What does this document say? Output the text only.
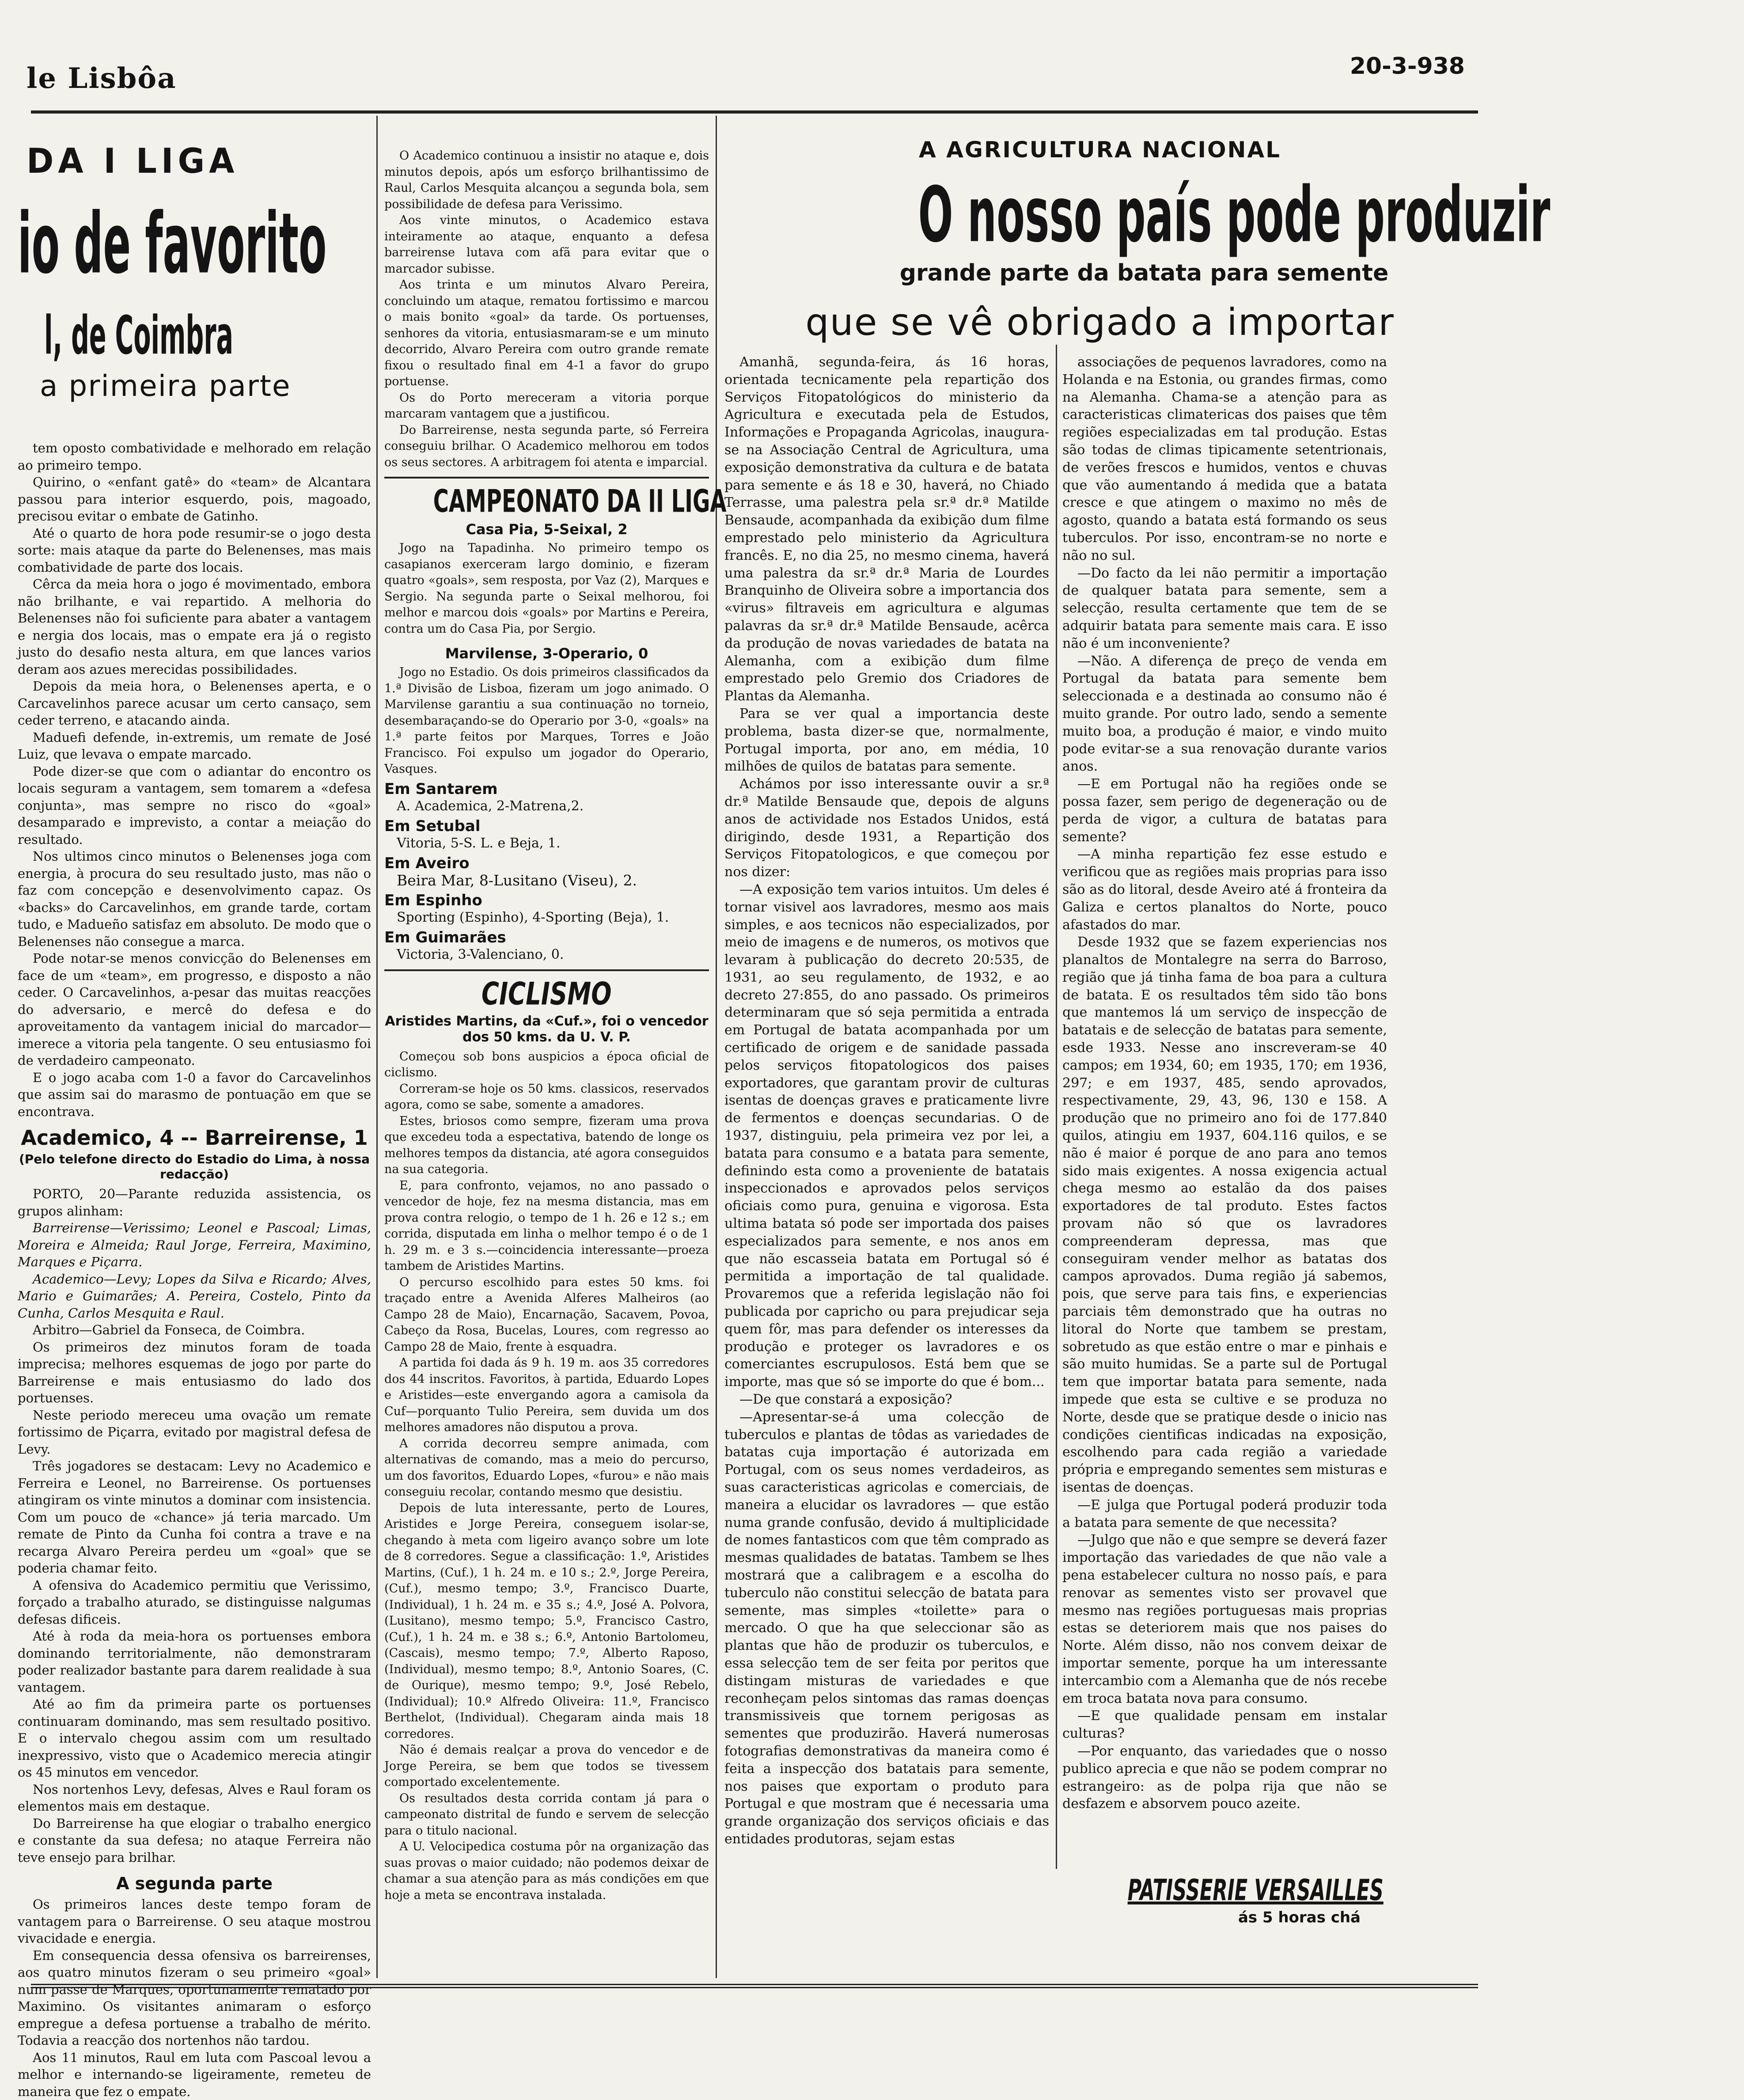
le Lisbôa	20-3-938
DA I LIGA
io de favorito
l, de Coimbra
a primeira parte

tem oposto combatividade e melhorado em relação ao primeiro tempo.

Quirino, o «enfant gatê» do «team» de Alcantara passou para interior esquerdo, pois, magoado, precisou evitar o embate de Gatinho.

Até o quarto de hora pode resumir-se o jogo desta sorte: mais ataque da parte do Belenenses, mas mais combatividade de parte dos locais.

Cêrca da meia hora o jogo é movimentado, embora não brilhante, e vai repartido. A melhoria do Belenenses não foi suficiente para abater a vantagem e nergia dos locais, mas o empate era já o registo justo do desafio nesta altura, em que lances varios deram aos azues merecidas possibilidades.

Depois da meia hora, o Belenenses aperta, e o Carcavelinhos parece acusar um certo cansaço, sem ceder terreno, e atacando ainda.

Maduefi defende, in-extremis, um remate de José Luiz, que levava o empate marcado.

Pode dizer-se que com o adiantar do encontro os locais seguram a vantagem, sem tomarem a «defesa conjunta», mas sempre no risco do «goal» desamparado e imprevisto, a contar a meiação do resultado.

Nos ultimos cinco minutos o Belenenses joga com energia, à procura do seu resultado justo, mas não o faz com concepção e desenvolvimento capaz. Os «backs» do Carcavelinhos, em grande tarde, cortam tudo, e Madueño satisfaz em absoluto. De modo que o Belenenses não consegue a marca.

Pode notar-se menos convicção do Belenenses em face de um «team», em progresso, e disposto a não ceder. O Carcavelinhos, a-pesar das muitas reacções do adversario, e mercê do defesa e do aproveitamento da vantagem inicial do marcador—imerece a vitoria pela tangente. O seu entusiasmo foi de verdadeiro campeonato.

E o jogo acaba com 1-0 a favor do Carcavelinhos que assim sai do marasmo de pontuação em que se encontrava.

Academico, 4 -- Barreirense, 1
(Pelo telefone directo do Estadio do Lima, à nossa redacção)

PORTO, 20—Parante reduzida assistencia, os grupos alinham:

Barreirense—Verissimo; Leonel e Pascoal; Limas, Moreira e Almeida; Raul Jorge, Ferreira, Maximino, Marques e Piçarra.

Academico—Levy; Lopes da Silva e Ricardo; Alves, Mario e Guimarães; A. Pereira, Costelo, Pinto da Cunha, Carlos Mesquita e Raul.

Arbitro—Gabriel da Fonseca, de Coimbra.

Os primeiros dez minutos foram de toada imprecisa; melhores esquemas de jogo por parte do Barreirense e mais entusiasmo do lado dos portuenses.

Neste periodo mereceu uma ovação um remate fortissimo de Piçarra, evitado por magistral defesa de Levy.

Três jogadores se destacam: Levy no Academico e Ferreira e Leonel, no Barreirense. Os portuenses atingiram os vinte minutos a dominar com insistencia. Com um pouco de «chance» já teria marcado. Um remate de Pinto da Cunha foi contra a trave e na recarga Alvaro Pereira perdeu um «goal» que se poderia chamar feito.

A ofensiva do Academico permitiu que Verissimo, forçado a trabalho aturado, se distinguisse nalgumas defesas dificeis.

Até à roda da meia-hora os portuenses embora dominando territorialmente, não demonstraram poder realizador bastante para darem realidade à sua vantagem.

Até ao fim da primeira parte os portuenses continuaram dominando, mas sem resultado positivo. E o intervalo chegou assim com um resultado inexpressivo, visto que o Academico merecia atingir os 45 minutos em vencedor.

Nos nortenhos Levy, defesas, Alves e Raul foram os elementos mais em destaque.

Do Barreirense ha que elogiar o trabalho energico e constante da sua defesa; no ataque Ferreira não teve ensejo para brilhar.

A segunda parte

Os primeiros lances deste tempo foram de vantagem para o Barreirense. O seu ataque mostrou vivacidade e energia.

Em consequencia dessa ofensiva os barreirenses, aos quatro minutos fizeram o seu primeiro «goal» num passe de Marques, oportunamente rematado por Maximino. Os visitantes animaram o esforço empregue a defesa portuense a trabalho de mérito. Todavia a reacção dos nortenhos não tardou.

Aos 11 minutos, Raul em luta com Pascoal levou a melhor e internando-se ligeiramente, remeteu de maneira que fez o empate.

O Academico continuou a insistir no ataque e, dois minutos depois, após um esforço brilhantissimo de Raul, Carlos Mesquita alcançou a segunda bola, sem possibilidade de defesa para Verissimo.

Aos vinte minutos, o Academico estava inteiramente ao ataque, enquanto a defesa barreirense lutava com afã para evitar que o marcador subisse.

Aos trinta e um minutos Alvaro Pereira, concluindo um ataque, rematou fortissimo e marcou o mais bonito «goal» da tarde. Os portuenses, senhores da vitoria, entusiasmaram-se e um minuto decorrido, Alvaro Pereira com outro grande remate fixou o resultado final em 4-1 a favor do grupo portuense.

Os do Porto mereceram a vitoria porque marcaram vantagem que a justificou.

Do Barreirense, nesta segunda parte, só Ferreira conseguiu brilhar. O Academico melhorou em todos os seus sectores. A arbitragem foi atenta e imparcial.

CAMPEONATO DA II LIGA
Casa Pia, 5-Seixal, 2

Jogo na Tapadinha. No primeiro tempo os casapianos exerceram largo dominio, e fizeram quatro «goals», sem resposta, por Vaz (2), Marques e Sergio. Na segunda parte o Seixal melhorou, foi melhor e marcou dois «goals» por Martins e Pereira, contra um do Casa Pia, por Sergio.

Marvilense, 3-Operario, 0

Jogo no Estadio. Os dois primeiros classificados da 1.ª Divisão de Lisboa, fizeram um jogo animado. O Marvilense garantiu a sua continuação no torneio, desembaraçando-se do Operario por 3-0, «goals» na 1.ª parte feitos por Marques, Torres e João Francisco. Foi expulso um jogador do Operario, Vasques.

Em Santarem
A. Academica, 2-Matrena,2.
Em Setubal
Vitoria, 5-S. L. e Beja, 1.
Em Aveiro
Beira Mar, 8-Lusitano (Viseu), 2.
Em Espinho
Sporting (Espinho), 4-Sporting (Beja), 1.
Em Guimarães
Victoria, 3-Valenciano, 0.
CICLISMO
Aristides Martins, da «Cuf.», foi o vencedor dos 50 kms. da U. V. P.

Começou sob bons auspicios a época oficial de ciclismo.

Correram-se hoje os 50 kms. classicos, reservados agora, como se sabe, somente a amadores.

Estes, briosos como sempre, fizeram uma prova que excedeu toda a espectativa, batendo de longe os melhores tempos da distancia, até agora conseguidos na sua categoria.

E, para confronto, vejamos, no ano passado o vencedor de hoje, fez na mesma distancia, mas em prova contra relogio, o tempo de 1 h. 26 e 12 s.; em corrida, disputada em linha o melhor tempo é o de 1 h. 29 m. e 3 s.—coincidencia interessante—proeza tambem de Aristides Martins.

O percurso escolhido para estes 50 kms. foi traçado entre a Avenida Alferes Malheiros (ao Campo 28 de Maio), Encarnação, Sacavem, Povoa, Cabeço da Rosa, Bucelas, Loures, com regresso ao Campo 28 de Maio, frente à esquadra.

A partida foi dada ás 9 h. 19 m. aos 35 corredores dos 44 inscritos. Favoritos, à partida, Eduardo Lopes e Aristides—este envergando agora a camisola da Cuf—porquanto Tulio Pereira, sem duvida um dos melhores amadores não disputou a prova.

A corrida decorreu sempre animada, com alternativas de comando, mas a meio do percurso, um dos favoritos, Eduardo Lopes, «furou» e não mais conseguiu recolar, contando mesmo que desistiu.

Depois de luta interessante, perto de Loures, Aristides e Jorge Pereira, conseguem isolar-se, chegando à meta com ligeiro avanço sobre um lote de 8 corredores. Segue a classificação: 1.º, Aristides Martins, (Cuf.), 1 h. 24 m. e 10 s.; 2.º, Jorge Pereira, (Cuf.), mesmo tempo; 3.º, Francisco Duarte, (Individual), 1 h. 24 m. e 35 s.; 4.º, José A. Polvora, (Lusitano), mesmo tempo; 5.º, Francisco Castro, (Cuf.), 1 h. 24 m. e 38 s.; 6.º, Antonio Bartolomeu, (Cascais), mesmo tempo; 7.º, Alberto Raposo, (Individual), mesmo tempo; 8.º, Antonio Soares, (C. de Ourique), mesmo tempo; 9.º, José Rebelo, (Individual); 10.º Alfredo Oliveira: 11.º, Francisco Berthelot, (Individual). Chegaram ainda mais 18 corredores.

Não é demais realçar a prova do vencedor e de Jorge Pereira, se bem que todos se tivessem comportado excelentemente.

Os resultados desta corrida contam já para o campeonato distrital de fundo e servem de selecção para o titulo nacional.

A U. Velocipedica costuma pôr na organização das suas provas o maior cuidado; não podemos deixar de chamar a sua atenção para as más condições em que hoje a meta se encontrava instalada.

A AGRICULTURA NACIONAL
O nosso país pode produzir
grande parte da batata para semente
que se vê obrigado a importar

Amanhã, segunda-feira, ás 16 horas, orientada tecnicamente pela repartição dos Serviços Fitopatológicos do ministerio da Agricultura e executada pela de Estudos, Informações e Propaganda Agricolas, inaugura-se na Associação Central de Agricultura, uma exposição demonstrativa da cultura e de batata para semente e ás 18 e 30, haverá, no Chiado Terrasse, uma palestra pela sr.ª dr.ª Matilde Bensaude, acompanhada da exibição dum filme emprestado pelo ministerio da Agricultura francês. E, no dia 25, no mesmo cinema, haverá uma palestra da sr.ª dr.ª Maria de Lourdes Branquinho de Oliveira sobre a importancia dos «virus» filtraveis em agricultura e algumas palavras da sr.ª dr.ª Matilde Bensaude, acêrca da produção de novas variedades de batata na Alemanha, com a exibição dum filme emprestado pelo Gremio dos Criadores de Plantas da Alemanha.

Para se ver qual a importancia deste problema, basta dizer-se que, normalmente, Portugal importa, por ano, em média, 10 milhões de quilos de batatas para semente.

Achámos por isso interessante ouvir a sr.ª dr.ª Matilde Bensaude que, depois de alguns anos de actividade nos Estados Unidos, está dirigindo, desde 1931, a Repartição dos Serviços Fitopatologicos, e que começou por nos dizer:

—A exposição tem varios intuitos. Um deles é tornar visivel aos lavradores, mesmo aos mais simples, e aos tecnicos não especializados, por meio de imagens e de numeros, os motivos que levaram à publicação do decreto 20:535, de 1931, ao seu regulamento, de 1932, e ao decreto 27:855, do ano passado. Os primeiros determinaram que só seja permitida a entrada em Portugal de batata acompanhada por um certificado de origem e de sanidade passada pelos serviços fitopatologicos dos paises exportadores, que garantam provir de culturas isentas de doenças graves e praticamente livre de fermentos e doenças secundarias. O de 1937, distinguiu, pela primeira vez por lei, a batata para consumo e a batata para semente, definindo esta como a proveniente de batatais inspeccionados e aprovados pelos serviços oficiais como pura, genuina e vigorosa. Esta ultima batata só pode ser importada dos paises especializados para semente, e nos anos em que não escasseia batata em Portugal só é permitida a importação de tal qualidade. Provaremos que a referida legislação não foi publicada por capricho ou para prejudicar seja quem fôr, mas para defender os interesses da produção e proteger os lavradores e os comerciantes escrupulosos. Está bem que se importe, mas que só se importe do que é bom...

—De que constará a exposição?

—Apresentar-se-á uma colecção de tuberculos e plantas de tôdas as variedades de batatas cuja importação é autorizada em Portugal, com os seus nomes verdadeiros, as suas caracteristicas agricolas e comerciais, de maneira a elucidar os lavradores — que estão numa grande confusão, devido á multiplicidade de nomes fantasticos com que têm comprado as mesmas qualidades de batatas. Tambem se lhes mostrará que a calibragem e a escolha do tuberculo não constitui selecção de batata para semente, mas simples «toilette» para o mercado. O que ha que seleccionar são as plantas que hão de produzir os tuberculos, e essa selecção tem de ser feita por peritos que distingam misturas de variedades e que reconheçam pelos sintomas das ramas doenças transmissiveis que tornem perigosas as sementes que produzirão. Haverá numerosas fotografias demonstrativas da maneira como é feita a inspecção dos batatais para semente, nos paises que exportam o produto para Portugal e que mostram que é necessaria uma grande organização dos serviços oficiais e das entidades produtoras, sejam estas

associações de pequenos lavradores, como na Holanda e na Estonia, ou grandes firmas, como na Alemanha. Chama-se a atenção para as caracteristicas climatericas dos paises que têm regiões especializadas em tal produção. Estas são todas de climas tipicamente setentrionais, de verões frescos e humidos, ventos e chuvas que vão aumentando á medida que a batata cresce e que atingem o maximo no mês de agosto, quando a batata está formando os seus tuberculos. Por isso, encontram-se no norte e não no sul.

—Do facto da lei não permitir a importação de qualquer batata para semente, sem a selecção, resulta certamente que tem de se adquirir batata para semente mais cara. E isso não é um inconveniente?

—Não. A diferença de preço de venda em Portugal da batata para semente bem seleccionada e a destinada ao consumo não é muito grande. Por outro lado, sendo a semente muito boa, a produção é maior, e vindo muito pode evitar-se a sua renovação durante varios anos.

—E em Portugal não ha regiões onde se possa fazer, sem perigo de degeneração ou de perda de vigor, a cultura de batatas para semente?

—A minha repartição fez esse estudo e verificou que as regiões mais proprias para isso são as do litoral, desde Aveiro até á fronteira da Galiza e certos planaltos do Norte, pouco afastados do mar.

Desde 1932 que se fazem experiencias nos planaltos de Montalegre na serra do Barroso, região que já tinha fama de boa para a cultura de batata. E os resultados têm sido tão bons que mantemos lá um serviço de inspecção de batatais e de selecção de batatas para semente, esde 1933. Nesse ano inscreveram-se 40 campos; em 1934, 60; em 1935, 170; em 1936, 297; e em 1937, 485, sendo aprovados, respectivamente, 29, 43, 96, 130 e 158. A produção que no primeiro ano foi de 177.840 quilos, atingiu em 1937, 604.116 quilos, e se não é maior é porque de ano para ano temos sido mais exigentes. A nossa exigencia actual chega mesmo ao estalão da dos paises exportadores de tal produto. Estes factos provam não só que os lavradores compreenderam depressa, mas que conseguiram vender melhor as batatas dos campos aprovados. Duma região já sabemos, pois, que serve para tais fins, e experiencias parciais têm demonstrado que ha outras no litoral do Norte que tambem se prestam, sobretudo as que estão entre o mar e pinhais e são muito humidas. Se a parte sul de Portugal tem que importar batata para semente, nada impede que esta se cultive e se produza no Norte, desde que se pratique desde o inicio nas condições cientificas indicadas na exposição, escolhendo para cada região a variedade própria e empregando sementes sem misturas e isentas de doenças.

—E julga que Portugal poderá produzir toda a batata para semente de que necessita?

—Julgo que não e que sempre se deverá fazer importação das variedades de que não vale a pena estabelecer cultura no nosso país, e para renovar as sementes visto ser provavel que mesmo nas regiões portuguesas mais proprias estas se deteriorem mais que nos paises do Norte. Além disso, não nos convem deixar de importar semente, porque ha um interessante intercambio com a Alemanha que de nós recebe em troca batata nova para consumo.

—E que qualidade pensam em instalar culturas?

—Por enquanto, das variedades que o nosso publico aprecia e que não se podem comprar no estrangeiro: as de polpa rija que não se desfazem e absorvem pouco azeite.

PATISSERIE VERSAILLES
ás 5 horas chá
